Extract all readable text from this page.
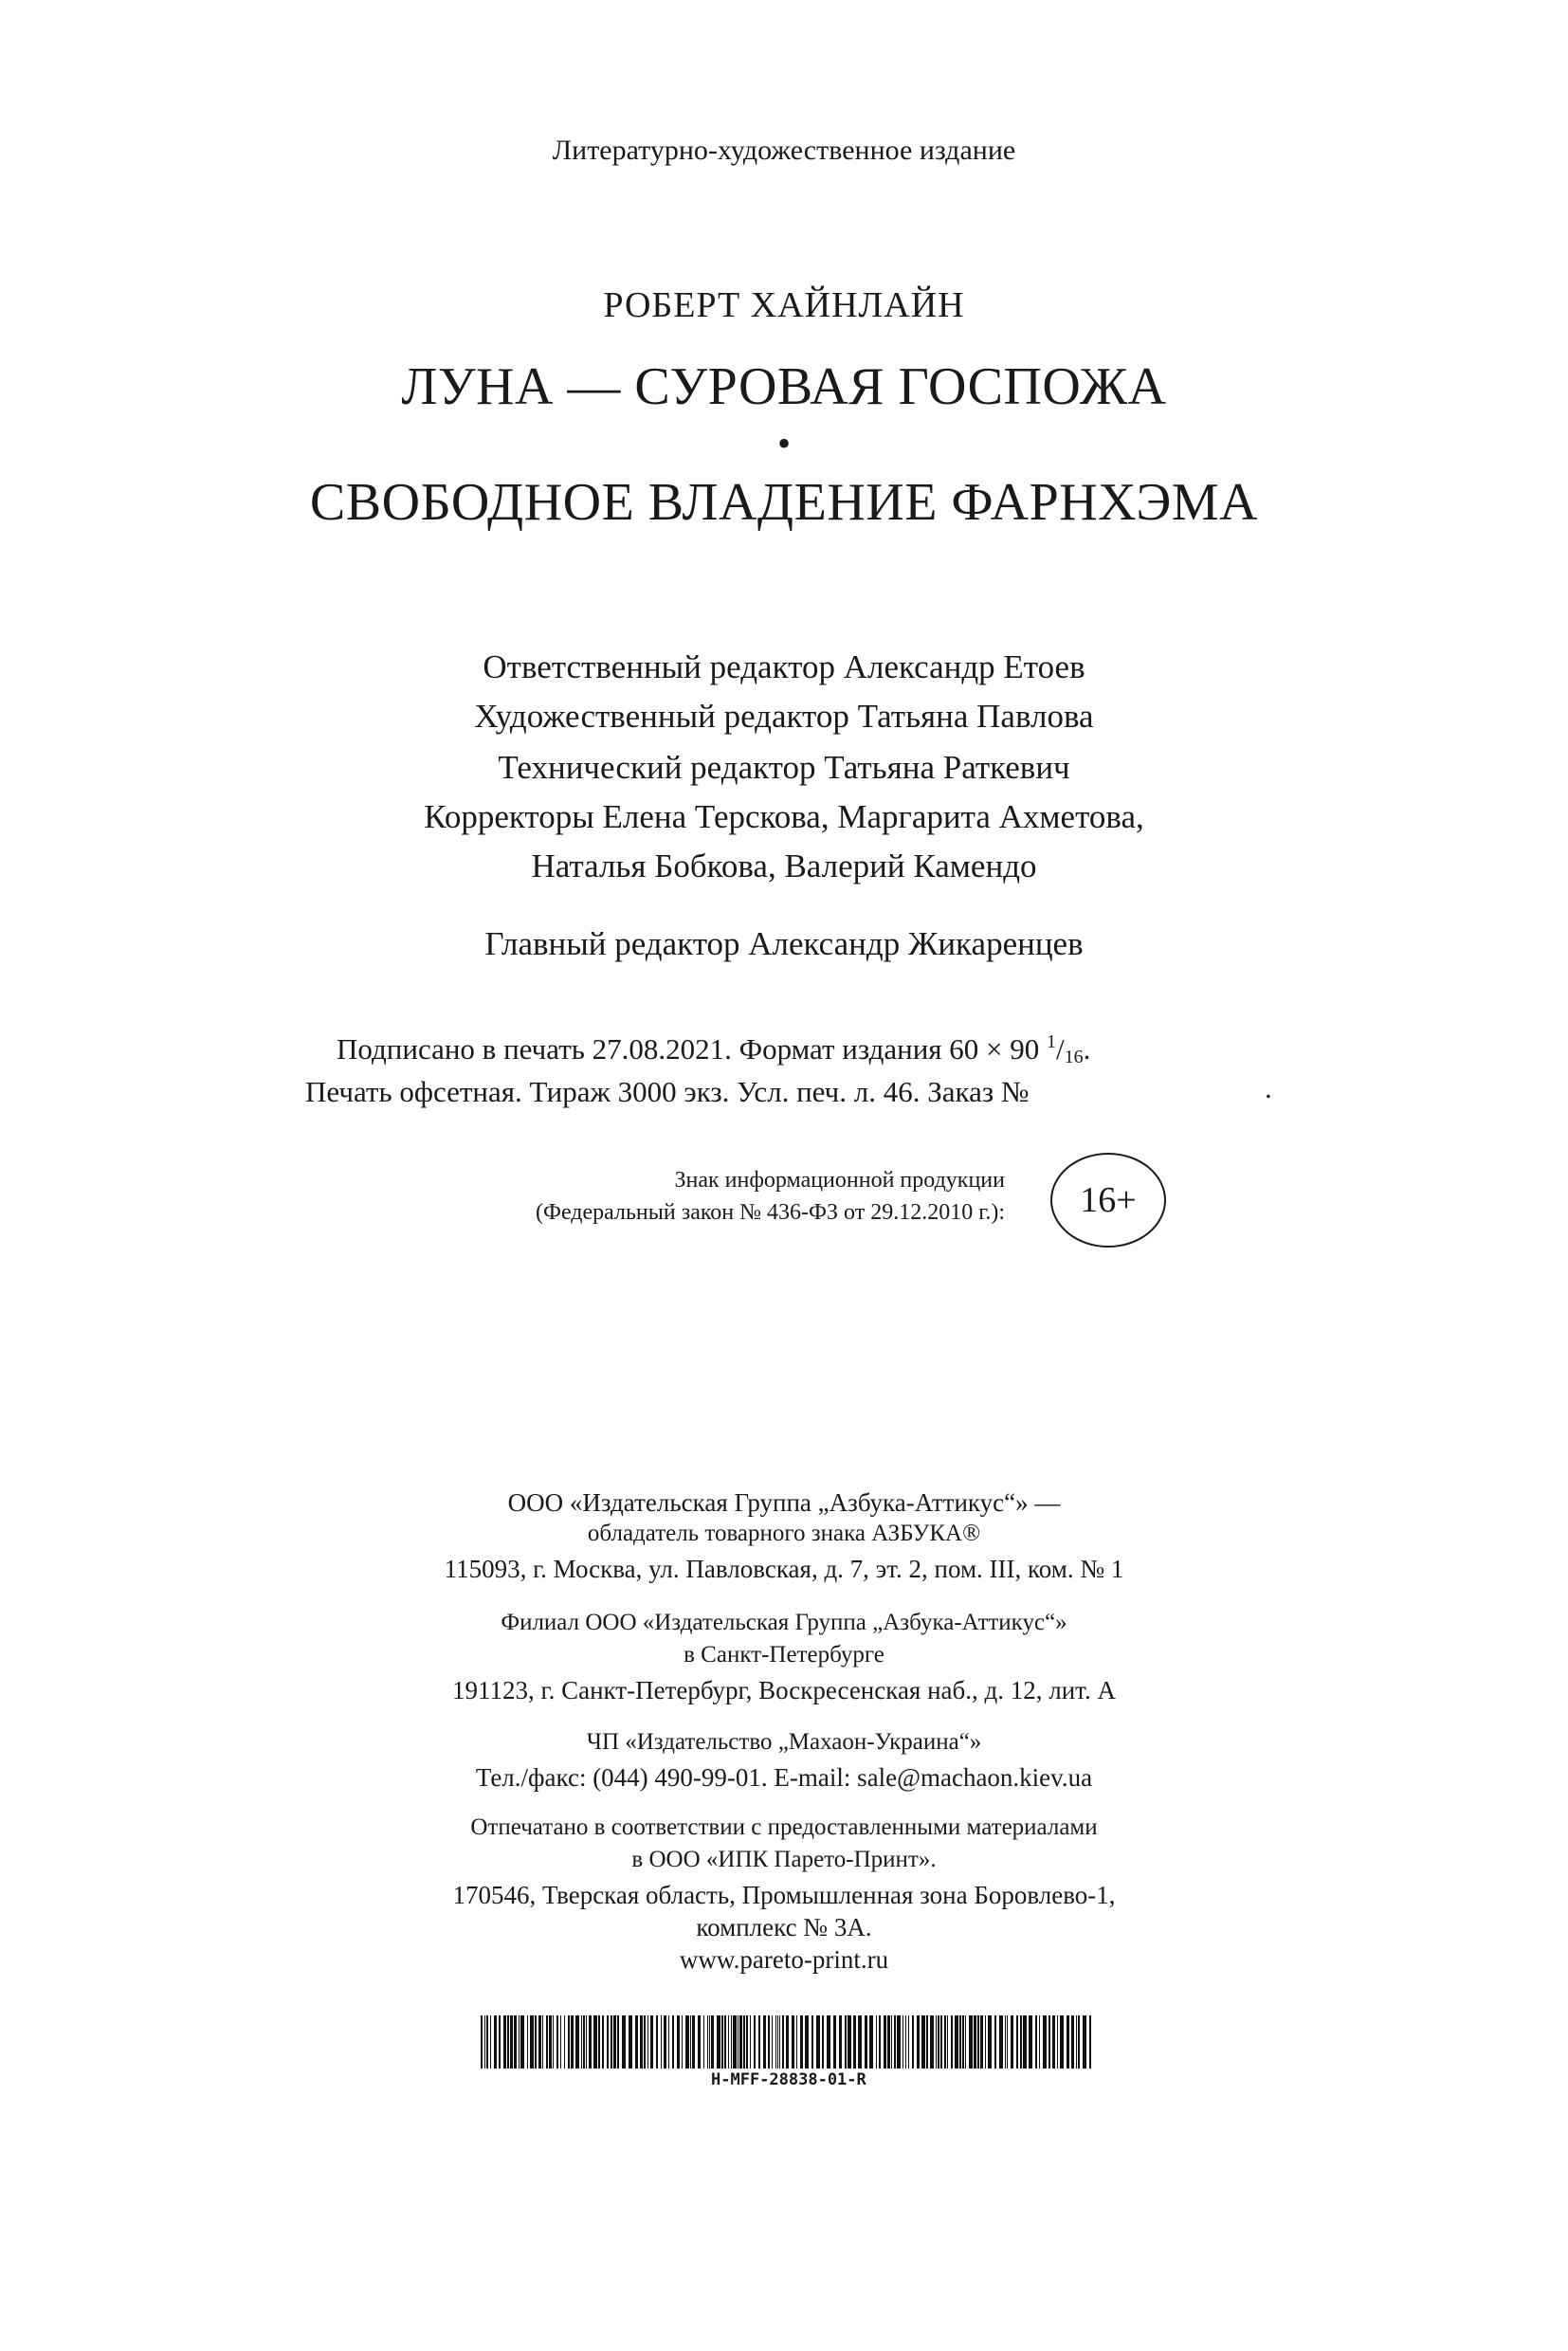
Литературно-художественное издание
РОБЕРТ ХАЙНЛАЙН
ЛУНА — СУРОВАЯ ГОСПОЖА
•
СВОБОДНОЕ ВЛАДЕНИЕ ФАРНХЭМА
Ответственный редактор Александр Етоев
Художественный редактор Татьяна Павлова
Технический редактор Татьяна Раткевич
Корректоры Елена Терскова, Маргарита Ахметова,
Наталья Бобкова, Валерий Камендо
Главный редактор Александр Жикаренцев
Подписано в печать 27.08.2021. Формат издания 60 × 90 $^1/_{16}$.
Печать офсетная. Тираж 3000 экз. Усл. печ. л. 46. Заказ №	.
Знак информационной продукции
(Федеральный закон № 436-ФЗ от 29.12.2010 г.): 16+
ООО «Издательская Группа „Азбука-Аттикус“» —
обладатель товарного знака АЗБУКА®
115093, г. Москва, ул. Павловская, д. 7, эт. 2, пом. III, ком. № 1
Филиал ООО «Издательская Группа „Азбука-Аттикус“»
в Санкт-Петербурге
191123, г. Санкт-Петербург, Воскресенская наб., д. 12, лит. А
ЧП «Издательство „Махаон-Украина“»
Тел./факс: (044) 490-99-01. E-mail: sale@machaon.kiev.ua
Отпечатано в соответствии с предоставленными материалами
в ООО «ИПК Парето-Принт».
170546, Тверская область, Промышленная зона Боровлево-1,
комплекс № 3А.
www.pareto-print.ru
H-MFF-28838-01-R
